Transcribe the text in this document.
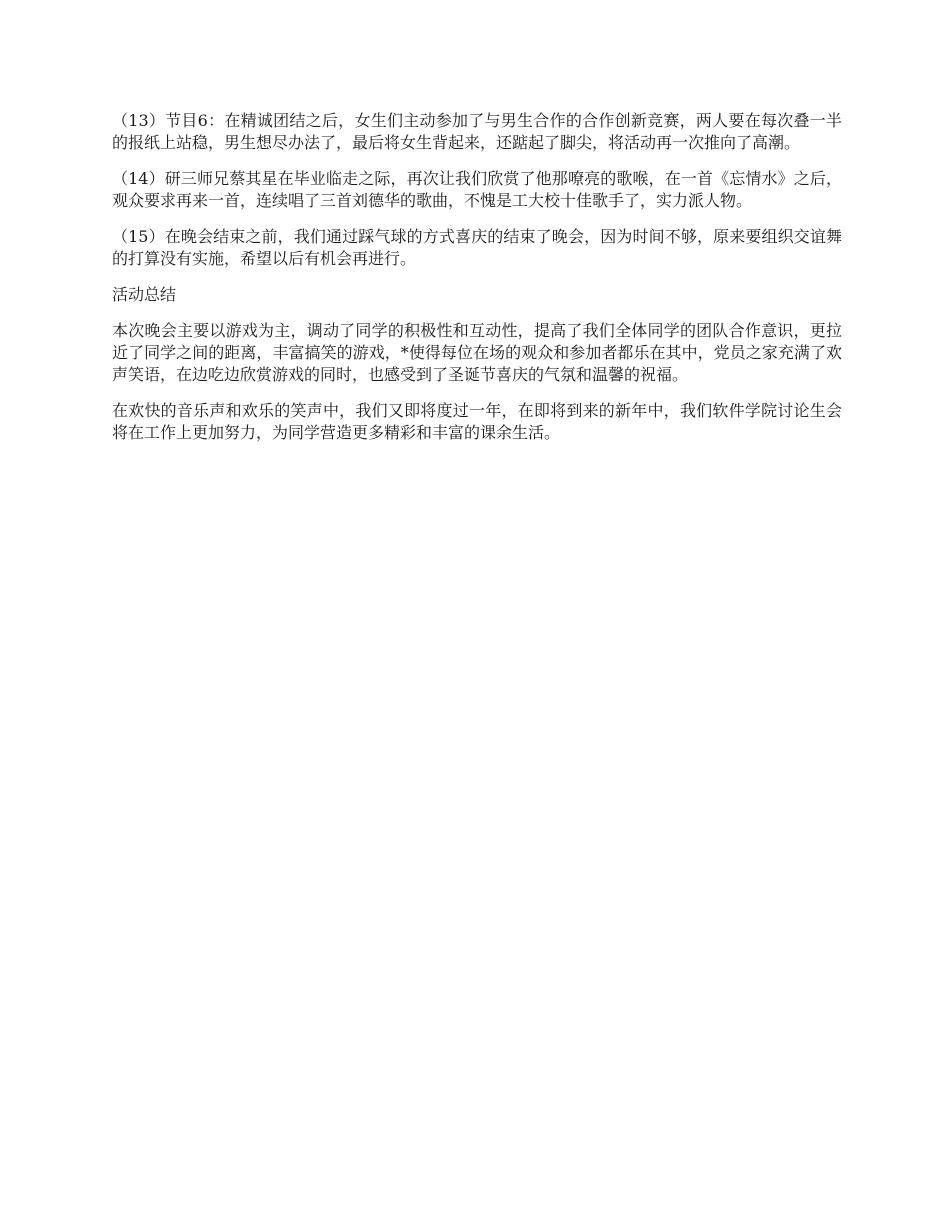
（13）节目6：在精诚团结之后，女生们主动参加了与男生合作的合作创新竞赛，两人要在每次叠一半的报纸上站稳，男生想尽办法了，最后将女生背起来，还踮起了脚尖，将活动再一次推向了高潮。

（14）研三师兄蔡其星在毕业临走之际，再次让我们欣赏了他那嘹亮的歌喉，在一首《忘情水》之后，观众要求再来一首，连续唱了三首刘德华的歌曲，不愧是工大校十佳歌手了，实力派人物。

（15）在晚会结束之前，我们通过踩气球的方式喜庆的结束了晚会，因为时间不够，原来要组织交谊舞的打算没有实施，希望以后有机会再进行。

活动总结

本次晚会主要以游戏为主，调动了同学的积极性和互动性，提高了我们全体同学的团队合作意识，更拉近了同学之间的距离，丰富搞笑的游戏，*使得每位在场的观众和参加者都乐在其中，党员之家充满了欢声笑语，在边吃边欣赏游戏的同时，也感受到了圣诞节喜庆的气氛和温馨的祝福。

在欢快的音乐声和欢乐的笑声中，我们又即将度过一年，在即将到来的新年中，我们软件学院讨论生会将在工作上更加努力，为同学营造更多精彩和丰富的课余生活。
